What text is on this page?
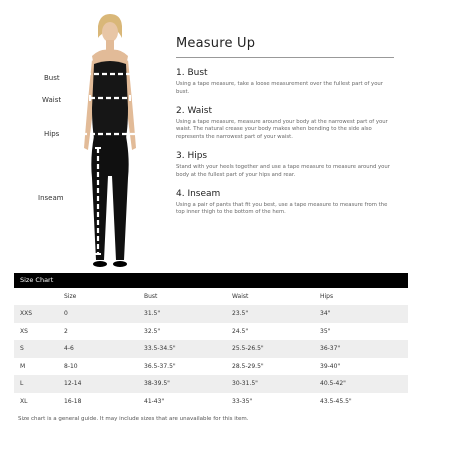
Bust
Waist
Hips
Inseam
Measure Up
1. Bust
Using a tape measure, take a loose measurement over the fullest part of your bust.
2. Waist
Using a tape measure, measure around your body at the narrowest part of your waist. The natural crease your body makes when bending to the side also represents the narrowest part of your waist.
3. Hips
Stand with your heels together and use a tape measure to measure around your body at the fullest part of your hips and rear.
4. Inseam
Using a pair of pants that fit you best, use a tape measure to measure from the top inner thigh to the bottom of the hem.
Size Chart
	Size	Bust	Waist	Hips
XXS	0	31.5"	23.5"	34"
XS	2	32.5"	24.5"	35"
S	4-6	33.5-34.5"	25.5-26.5"	36-37"
M	8-10	36.5-37.5"	28.5-29.5"	39-40"
L	12-14	38-39.5"	30-31.5"	40.5-42"
XL	16-18	41-43"	33-35"	43.5-45.5"
Size chart is a general guide. It may include sizes that are unavailable for this item.
